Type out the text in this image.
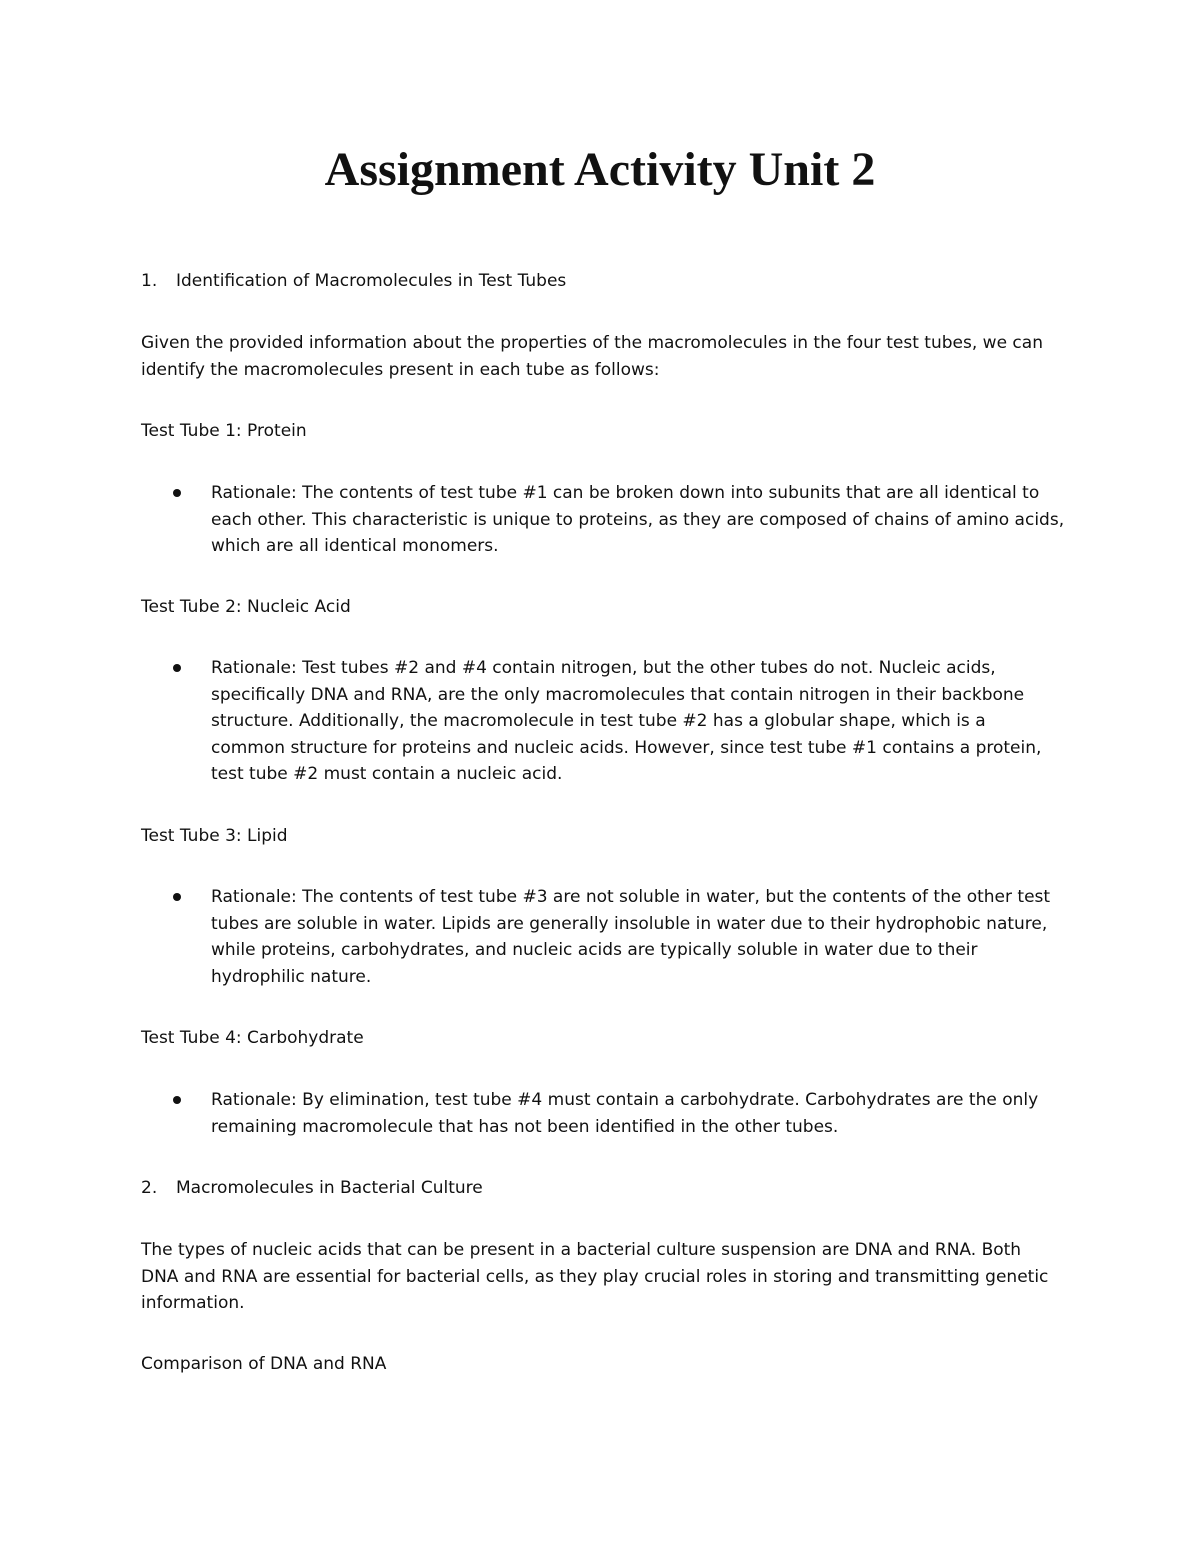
Assignment Activity Unit 2

1. Identification of Macromolecules in Test Tubes

Given the provided information about the properties of the macromolecules in the four test tubes, we can identify the macromolecules present in each tube as follows:

Test Tube 1: Protein

Rationale: The contents of test tube #1 can be broken down into subunits that are all identical to each other. This characteristic is unique to proteins, as they are composed of chains of amino acids, which are all identical monomers.

Test Tube 2: Nucleic Acid

Rationale: Test tubes #2 and #4 contain nitrogen, but the other tubes do not. Nucleic acids, specifically DNA and RNA, are the only macromolecules that contain nitrogen in their backbone structure. Additionally, the macromolecule in test tube #2 has a globular shape, which is a common structure for proteins and nucleic acids. However, since test tube #1 contains a protein, test tube #2 must contain a nucleic acid.

Test Tube 3: Lipid

Rationale: The contents of test tube #3 are not soluble in water, but the contents of the other test tubes are soluble in water. Lipids are generally insoluble in water due to their hydrophobic nature, while proteins, carbohydrates, and nucleic acids are typically soluble in water due to their hydrophilic nature.

Test Tube 4: Carbohydrate

Rationale: By elimination, test tube #4 must contain a carbohydrate. Carbohydrates are the only remaining macromolecule that has not been identified in the other tubes.

2. Macromolecules in Bacterial Culture

The types of nucleic acids that can be present in a bacterial culture suspension are DNA and RNA. Both DNA and RNA are essential for bacterial cells, as they play crucial roles in storing and transmitting genetic information.

Comparison of DNA and RNA
